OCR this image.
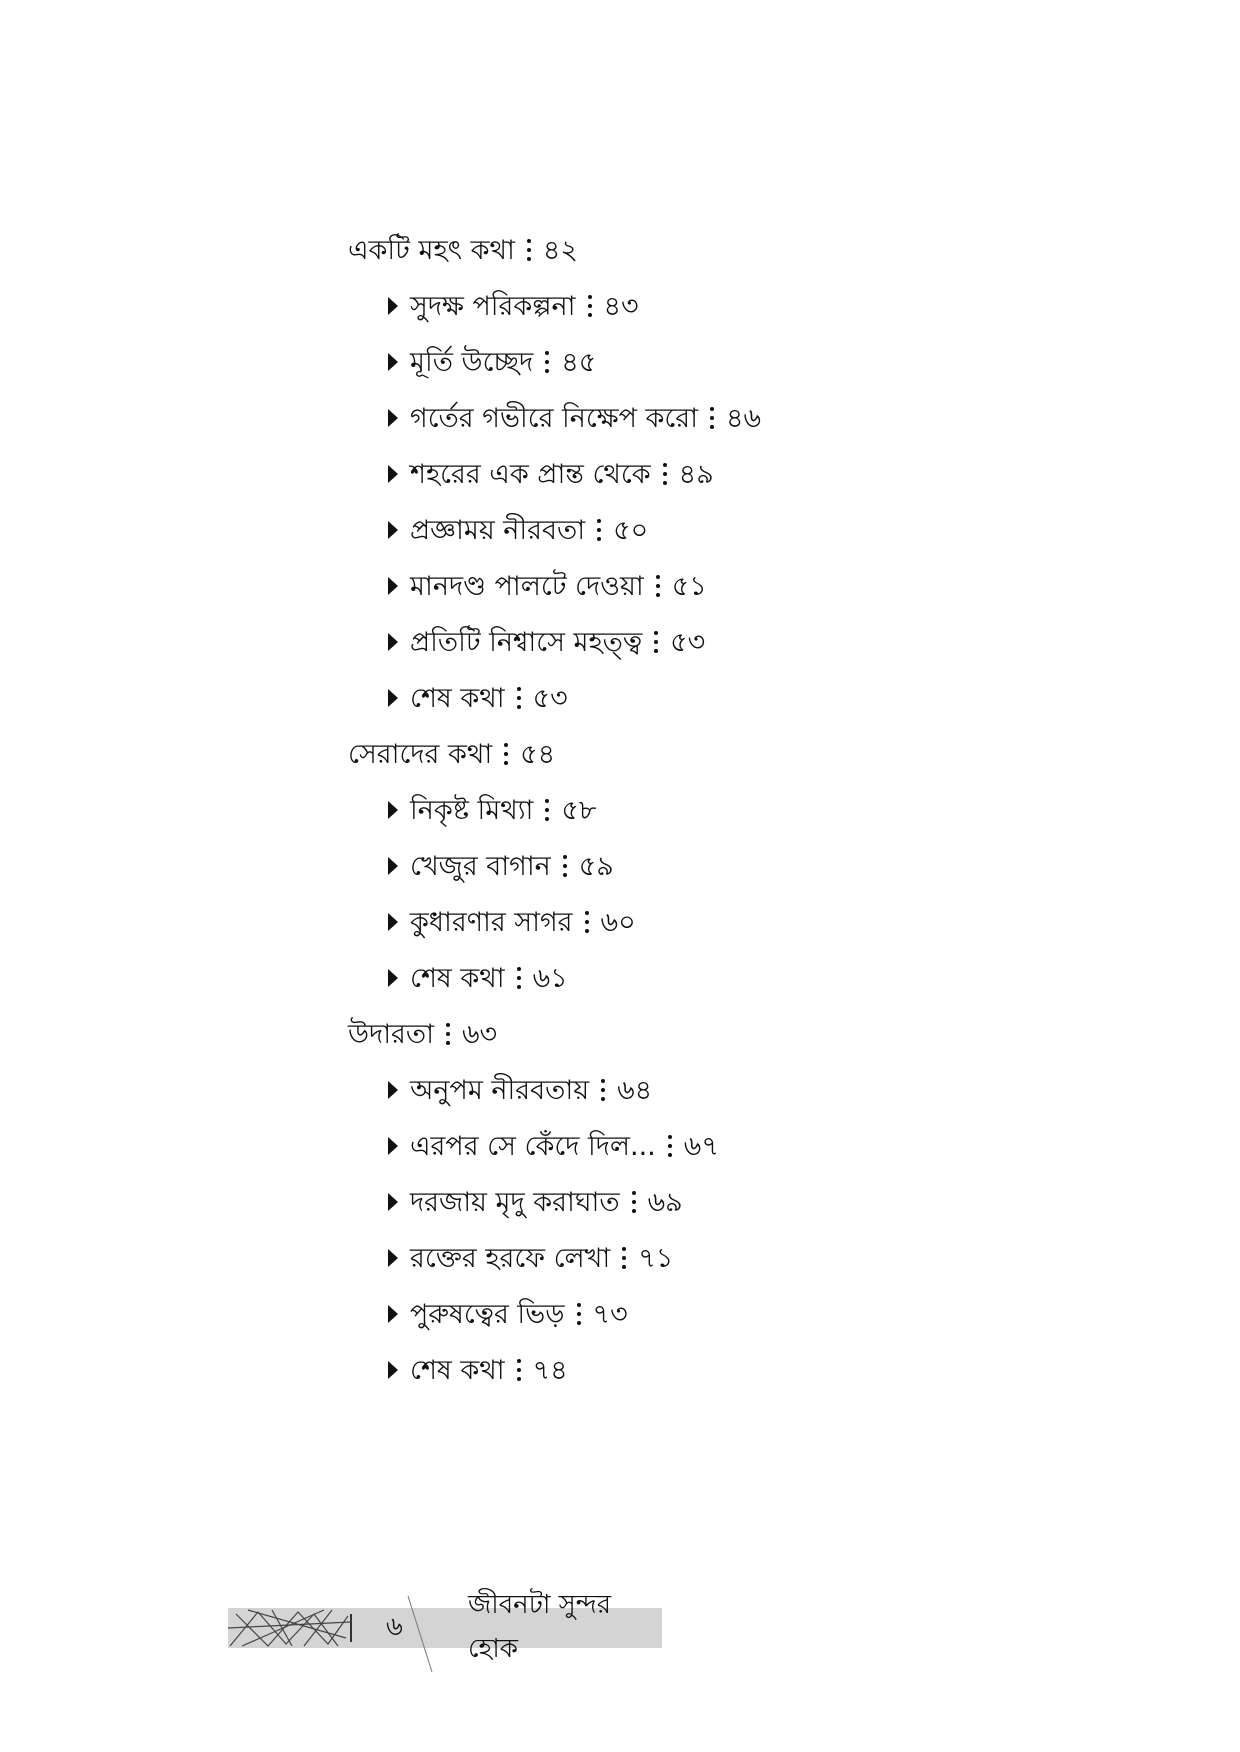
একটি মহৎ কথা ৪২
সুদক্ষ পরিকল্পনা ৪৩
মূর্তি উচ্ছেদ ৪৫
গর্তের গভীরে নিক্ষেপ করো ৪৬
শহরের এক প্রান্ত থেকে ৪৯
প্রজ্ঞাময় নীরবতা ৫০
মানদণ্ড পালটে দেওয়া ৫১
প্রতিটি নিশ্বাসে মহত্ত্ব ৫৩
শেষ কথা ৫৩
সেরাদের কথা ৫৪
নিকৃষ্ট মিথ্যা ৫৮
খেজুর বাগান ৫৯
কুধারণার সাগর ৬০
শেষ কথা ৬১
উদারতা ৬৩
অনুপম নীরবতায় ৬৪
এরপর সে কেঁদে দিল... ৬৭
দরজায় মৃদু করাঘাত ৬৯
রক্তের হরফে লেখা ৭১
পুরুষত্বের ভিড় ৭৩
শেষ কথা ৭৪
৬
জীবনটা সুন্দর হোক
